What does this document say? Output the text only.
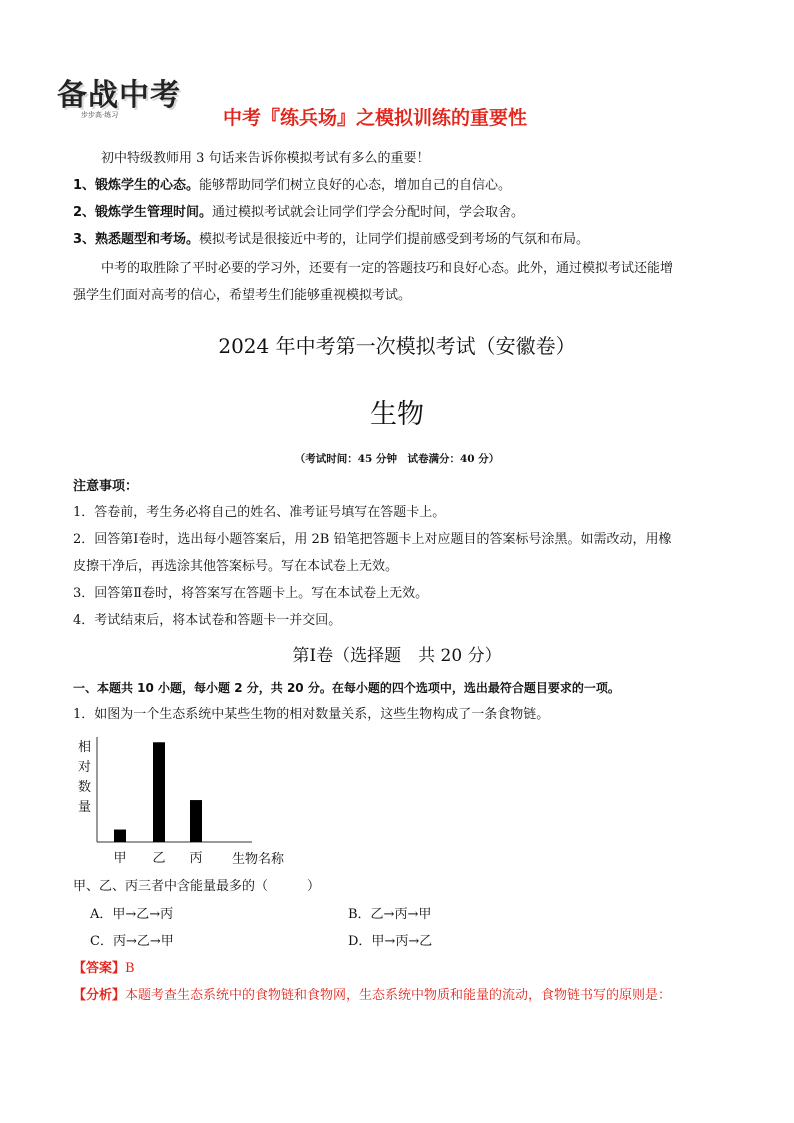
备战中考
步步高·练习	中考『练兵场』之模拟训练的重要性
初中特级教师用 3 句话来告诉你模拟考试有多么的重要！
1、锻炼学生的心态。能够帮助同学们树立良好的心态，增加自己的自信心。
2、锻炼学生管理时间。通过模拟考试就会让同学们学会分配时间，学会取舍。
3、熟悉题型和考场。模拟考试是很接近中考的，让同学们提前感受到考场的气氛和布局。
中考的取胜除了平时必要的学习外，还要有一定的答题技巧和良好心态。此外，通过模拟考试还能增
强学生们面对高考的信心，希望考生们能够重视模拟考试。
2024 年中考第一次模拟考试（安徽卷）
生物
（考试时间：45 分钟　试卷满分：40 分）
注意事项：
1．答卷前，考生务必将自己的姓名、准考证号填写在答题卡上。
2．回答第Ⅰ卷时，选出每小题答案后，用 2B 铅笔把答题卡上对应题目的答案标号涂黑。如需改动，用橡
皮擦干净后，再选涂其他答案标号。写在本试卷上无效。
3．回答第Ⅱ卷时，将答案写在答题卡上。写在本试卷上无效。
4．考试结束后，将本试卷和答题卡一并交回。
第Ⅰ卷（选择题　共 20 分）
一、本题共 10 小题，每小题 2 分，共 20 分。在每小题的四个选项中，选出最符合题目要求的一项。
1．如图为一个生态系统中某些生物的相对数量关系，这些生物构成了一条食物链。
相
对
数
量
甲 乙 丙 生物名称
甲、乙、丙三者中含能量最多的（　　　）
A．甲→乙→丙	B．乙→丙→甲
C．丙→乙→甲	D．甲→丙→乙
【答案】B
【分析】本题考查生态系统中的食物链和食物网，生态系统中物质和能量的流动，食物链书写的原则是：
